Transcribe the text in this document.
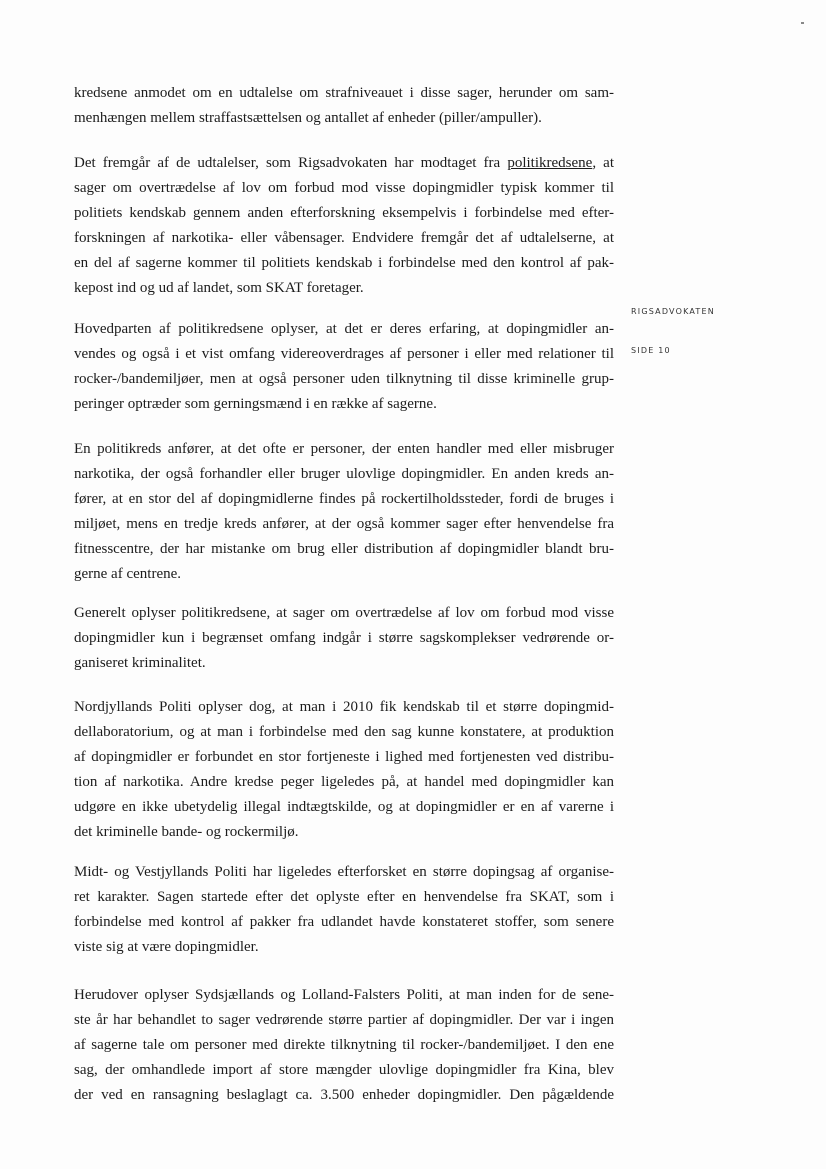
RIGSADVOKATEN
SIDE 10
kredsene anmodet om en udtalelse om strafniveauet i disse sager, herunder om sam-
menhængen mellem straffastsættelsen og antallet af enheder (piller/ampuller).
Det fremgår af de udtalelser, som Rigsadvokaten har modtaget fra politikredsene, at
sager om overtrædelse af lov om forbud mod visse dopingmidler typisk kommer til
politiets kendskab gennem anden efterforskning eksempelvis i forbindelse med efter-
forskningen af narkotika- eller våbensager. Endvidere fremgår det af udtalelserne, at
en del af sagerne kommer til politiets kendskab i forbindelse med den kontrol af pak-
kepost ind og ud af landet, som SKAT foretager.
Hovedparten af politikredsene oplyser, at det er deres erfaring, at dopingmidler an-
vendes og også i et vist omfang videreoverdrages af personer i eller med relationer til
rocker-/bandemiljøer, men at også personer uden tilknytning til disse kriminelle grup-
peringer optræder som gerningsmænd i en række af sagerne.
En politikreds anfører, at det ofte er personer, der enten handler med eller misbruger
narkotika, der også forhandler eller bruger ulovlige dopingmidler. En anden kreds an-
fører, at en stor del af dopingmidlerne findes på rockertilholdssteder, fordi de bruges i
miljøet, mens en tredje kreds anfører, at der også kommer sager efter henvendelse fra
fitnesscentre, der har mistanke om brug eller distribution af dopingmidler blandt bru-
gerne af centrene.
Generelt oplyser politikredsene, at sager om overtrædelse af lov om forbud mod visse
dopingmidler kun i begrænset omfang indgår i større sagskomplekser vedrørende or-
ganiseret kriminalitet.
Nordjyllands Politi oplyser dog, at man i 2010 fik kendskab til et større dopingmid-
dellaboratorium, og at man i forbindelse med den sag kunne konstatere, at produktion
af dopingmidler er forbundet en stor fortjeneste i lighed med fortjenesten ved distribu-
tion af narkotika. Andre kredse peger ligeledes på, at handel med dopingmidler kan
udgøre en ikke ubetydelig illegal indtægtskilde, og at dopingmidler er en af varerne i
det kriminelle bande- og rockermiljø.
Midt- og Vestjyllands Politi har ligeledes efterforsket en større dopingsag af organise-
ret karakter. Sagen startede efter det oplyste efter en henvendelse fra SKAT, som i
forbindelse med kontrol af pakker fra udlandet havde konstateret stoffer, som senere
viste sig at være dopingmidler.
Herudover oplyser Sydsjællands og Lolland-Falsters Politi, at man inden for de sene-
ste år har behandlet to sager vedrørende større partier af dopingmidler. Der var i ingen
af sagerne tale om personer med direkte tilknytning til rocker-/bandemiljøet. I den ene
sag, der omhandlede import af store mængder ulovlige dopingmidler fra Kina, blev
der ved en ransagning beslaglagt ca. 3.500 enheder dopingmidler. Den pågældende
